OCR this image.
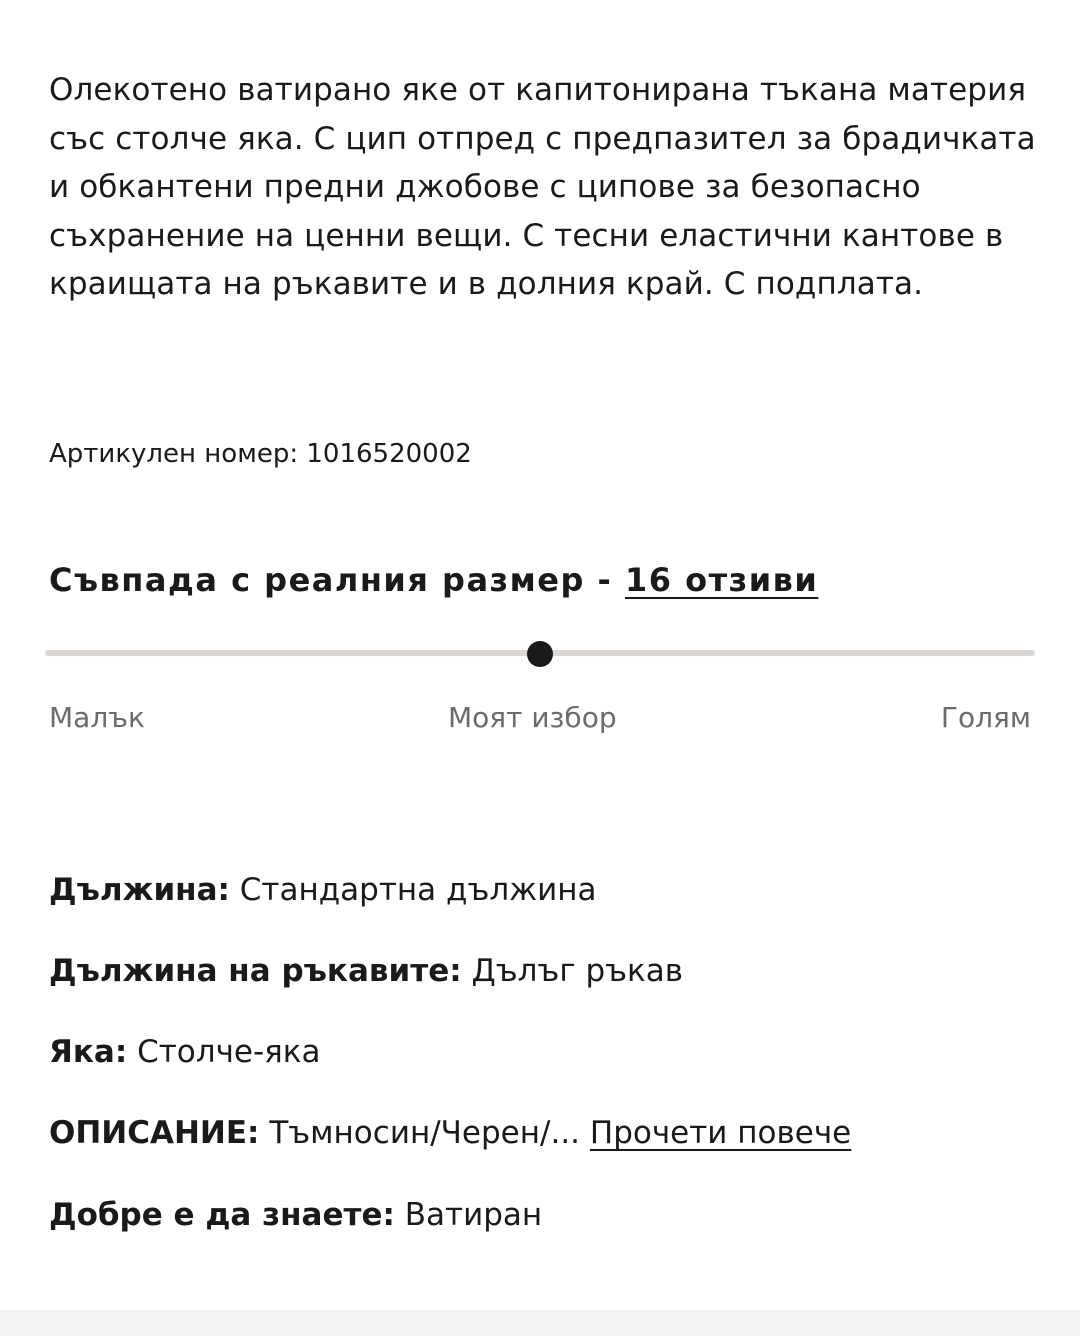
Олекотено ватирано яке от капитонирана тъкана материя със столче яка. С цип отпред с предпазител за брадичката и обкантени предни джобове с ципове за безопасно съхранение на ценни вещи. С тесни еластични кантове в краищата на ръкавите и в долния край. С подплата.

Артикулен номер: 1016520002
Съвпада с реалния размер - 16 отзиви
Малък	Моят избор	Голям
Дължина: Стандартна дължина
Дължина на ръкавите: Дълъг ръкав
Яка: Столче-яка
ОПИСАНИЕ: Тъмносин/Черен/... Прочети повече
Добре е да знаете: Ватиран
